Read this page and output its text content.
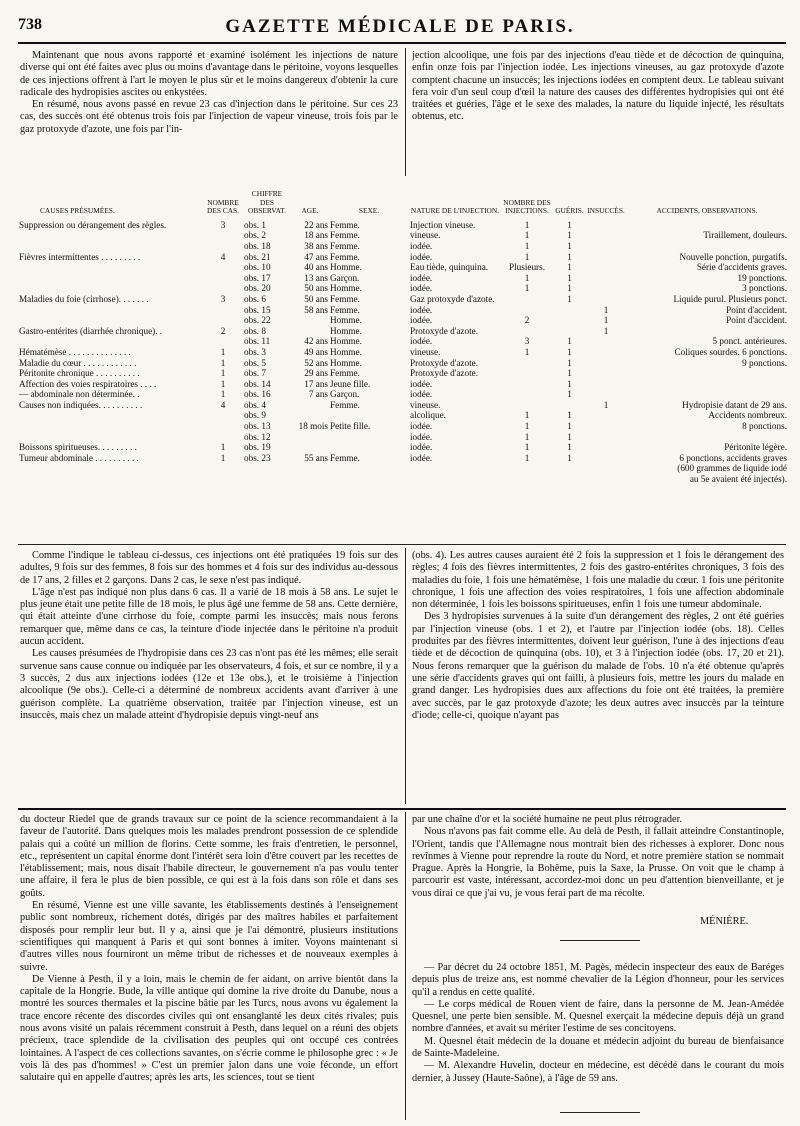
738	GAZETTE MÉDICALE DE PARIS.

Maintenant que nous avons rapporté et examiné isolément les injections de nature diverse qui ont été faites avec plus ou moins d'avantage dans le péritoine, voyons lesquelles de ces injections offrent à l'art le moyen le plus sûr et le moins dangereux d'obtenir la cure radicale des hydropisies ascites ou enkystées.

En résumé, nous avons passé en revue 23 cas d'injection dans le péritoine. Sur ces 23 cas, des succès ont été obtenus trois fois par l'injection de vapeur vineuse, trois fois par le gaz protoxyde d'azote, une fois par l'in-

jection alcoolique, une fois par des injections d'eau tiède et de décoction de quinquina, enfin onze fois par l'injection iodée. Les injections vineuses, au gaz protoxyde d'azote comptent chacune un insuccès; les injections iodées en comptent deux. Le tableau suivant fera voir d'un seul coup d'œil la nature des causes des différentes hydropisies qui ont été traitées et guéries, l'âge et le sexe des malades, la nature du liquide injecté, les résultats obtenus, etc.

CAUSES PRÉSUMÉES.	NOMBRE DES CAS.	CHIFFRE DES OBSERVAT.	AGE.	SEXE.	NATURE DE L'INJECTION.	NOMBRE DES INJECTIONS.	GUÉRIS.	INSUCCÈS.	ACCIDENTS, OBSERVATIONS.
Suppression ou dérangement des règles.	3	obs. 1	22 ans	Femme.	Injection vineuse.	1	1		
		obs. 2	18 ans	Femme.	vineuse.	1	1		Tiraillement, douleurs.
		obs. 18	38 ans	Femme.	iodée.	1	1		
Fièvres intermittentes . . . . . . . . .	4	obs. 21	47 ans	Femme.	iodée.	1	1		Nouvelle ponction, purgatifs.
		obs. 10	40 ans	Homme.	Eau tiède, quinquina.	Plusieurs.	1		Série d'accidents graves.
		obs. 17	13 ans	Garçon.	iodée.	1	1		19 ponctions.
		obs. 20	50 ans	Homme.	iodée.	1	1		3 ponctions.
Maladies du foie (cirrhose). . . . . . .	3	obs. 6	50 ans	Femme.	Gaz protoxyde d'azote.		1		Liquide purul. Plusieurs ponct.
		obs. 15	58 ans	Femme.	iodée.			1	Point d'accident.
		obs. 22		Homme.	iodée.	2		1	Point d'accident.
Gastro-entérites (diarrhée chronique). .	2	obs. 8		Homme.	Protoxyde d'azote.			1	
		obs. 11	42 ans	Homme.	iodée.	3	1		5 ponct. antérieures.
Hématémèse . . . . . . . . . . . . . .	1	obs. 3	49 ans	Homme.	vineuse.	1	1		Coliques sourdes. 6 ponctions.
Maladie du cœur . . . . . . . . . . . .	1	obs. 5	52 ans	Homme.	Protoxyde d'azote.		1		9 ponctions.
Péritonite chronique . . . . . . . . . .	1	obs. 7	29 ans	Femme.	Protoxyde d'azote.		1		
Affection des voies respiratoires . . . .	1	obs. 14	17 ans	Jeune fille.	iodée.		1		
— abdominale non déterminée. .	1	obs. 16	7 ans	Garçon.	iodée.		1		
Causes non indiquées. . . . . . . . . .	4	obs. 4		Femme.	vineuse.			1	Hydropisie datant de 29 ans.
		obs. 9			alcolique.	1	1		Accidents nombreux.
		obs. 13	18 mois	Petite fille.	iodée.	1	1		8 ponctions.
		obs. 12			iodée.	1	1		
Boissons spiritueuses. . . . . . . . .	1	obs. 19			iodée.	1	1		Péritonite légère.
Tumeur abdominale . . . . . . . . . .	1	obs. 23	55 ans	Femme.	iodée.	1	1		6 ponctions, accidents graves
									(600 grammes de liquide iodé
									au 5e avaient été injectés).

Comme l'indique le tableau ci-dessus, ces injections ont été pratiquées 19 fois sur des adultes, 9 fois sur des femmes, 8 fois sur des hommes et 4 fois sur des individus au-dessous de 17 ans, 2 filles et 2 garçons. Dans 2 cas, le sexe n'est pas indiqué.

L'âge n'est pas indiqué non plus dans 6 cas. Il a varié de 18 mois à 58 ans. Le sujet le plus jeune était une petite fille de 18 mois, le plus âgé une femme de 58 ans. Cette dernière, qui était atteinte d'une cirrhose du foie, compte parmi les insuccès; mais nous ferons remarquer que, même dans ce cas, la teinture d'iode injectée dans le péritoine n'a produit aucun accident.

Les causes présumées de l'hydropisie dans ces 23 cas n'ont pas été les mêmes; elle serait survenue sans cause connue ou indiquée par les observateurs, 4 fois, et sur ce nombre, il y a 3 succès, 2 dus aux injections iodées (12e et 13e obs.), et le troisième à l'injection alcoolique (9e obs.). Celle-ci a déterminé de nombreux accidents avant d'arriver à une guérison complète. La quatrième observation, traitée par l'injection vineuse, est un insuccès, mais chez un malade atteint d'hydropisie depuis vingt-neuf ans

(obs. 4). Les autres causes auraient été 2 fois la suppression et 1 fois le dérangement des règles; 4 fois des fièvres intermittentes, 2 fois des gastro-entérites chroniques, 3 fois des maladies du foie, 1 fois une hématémèse, 1 fois une maladie du cœur. 1 fois une péritonite chronique, 1 fois une affection des voies respiratoires, 1 fois une affection abdominale non déterminée, 1 fois les boissons spiritueuses, enfin 1 fois une tumeur abdominale.

Des 3 hydropisies survenues à la suite d'un dérangement des règles, 2 ont été guéries par l'injection vineuse (obs. 1 et 2), et l'autre par l'injection iodée (obs. 18). Celles produites par des fièvres intermittentes, doivent leur guérison, l'une à des injections d'eau tiède et de décoction de quinquina (obs. 10), et 3 à l'injection iodée (obs. 17, 20 et 21). Nous ferons remarquer que la guérison du malade de l'obs. 10 n'a été obtenue qu'après une série d'accidents graves qui ont failli, à plusieurs fois, mettre les jours du malade en grand danger. Les hydropisies dues aux affections du foie ont été traitées, la première avec succès, par le gaz protoxyde d'azote; les deux autres avec insuccès par la teinture d'iode; celle-ci, quoique n'ayant pas

du docteur Riedel que de grands travaux sur ce point de la science recommandaient à la faveur de l'autorité. Dans quelques mois les malades prendront possession de ce splendide palais qui a coûté un million de florins. Cette somme, les frais d'entretien, le personnel, etc., représentent un capital énorme dont l'intérêt sera loin d'être couvert par les recettes de l'établissement; mais, nous disait l'habile directeur, le gouvernement n'a pas voulu tenter une affaire, il fera le plus de bien possible, ce qui est à la fois dans son rôle et dans ses goûts.

En résumé, Vienne est une ville savante, les établissements destinés à l'enseignement public sont nombreux, richement dotés, dirigés par des maîtres habiles et parfaitement disposés pour remplir leur but. Il y a, ainsi que je l'ai démontré, plusieurs institutions scientifiques qui manquent à Paris et qui sont bonnes à imiter. Voyons maintenant si d'autres villes nous fourniront un même tribut de richesses et de nouveaux exemples à suivre.

De Vienne à Pesth, il y a loin, mais le chemin de fer aidant, on arrive bientôt dans la capitale de la Hongrie. Bude, la ville antique qui domine la rive droite du Danube, nous a montré les sources thermales et la piscine bâtie par les Turcs, nous avons vu également la trace encore récente des discordes civiles qui ont ensanglanté les deux cités rivales; puis nous avons visité un palais récemment construit à Pesth, dans lequel on a réuni des objets précieux, trace splendide de la civilisation des peuples qui ont occupé ces contrées lointaines. A l'aspect de ces collections savantes, on s'écrie comme le philosophe grec : « Je vois là des pas d'hommes! » C'est un premier jalon dans une voie féconde, un effort salutaire qui en appelle d'autres; après les arts, les sciences, tout se tient

par une chaîne d'or et la société humaine ne peut plus rétrograder.

Nous n'avons pas fait comme elle. Au delà de Pesth, il fallait atteindre Constantinople, l'Orient, tandis que l'Allemagne nous montrait bien des richesses à explorer. Donc nous revînmes à Vienne pour reprendre la route du Nord, et notre première station se nommait Prague. Après la Hongrie, la Bohême, puis la Saxe, la Prusse. On voit que le champ à parcourir est vaste, intéressant, accordez-moi donc un peu d'attention bienveillante, et je vous dirai ce que j'ai vu, je vous ferai part de ma récolte.

MÉNIÈRE.

— Par décret du 24 octobre 1851, M. Pagès, médecin inspecteur des eaux de Baréges depuis plus de treize ans, est nommé chevalier de la Légion d'honneur, pour les services qu'il a rendus en cette qualité.

— Le corps médical de Rouen vient de faire, dans la personne de M. Jean-Amédée Quesnel, une perte bien sensible. M. Quesnel exerçait la médecine depuis déjà un grand nombre d'années, et avait su mériter l'estime de ses concitoyens.

M. Quesnel était médecin de la douane et médecin adjoint du bureau de bienfaisance de Sainte-Madeleine.

— M. Alexandre Huvelin, docteur en médecine, est décédé dans le courant du mois dernier, à Jussey (Haute-Saône), à l'âge de 59 ans.
